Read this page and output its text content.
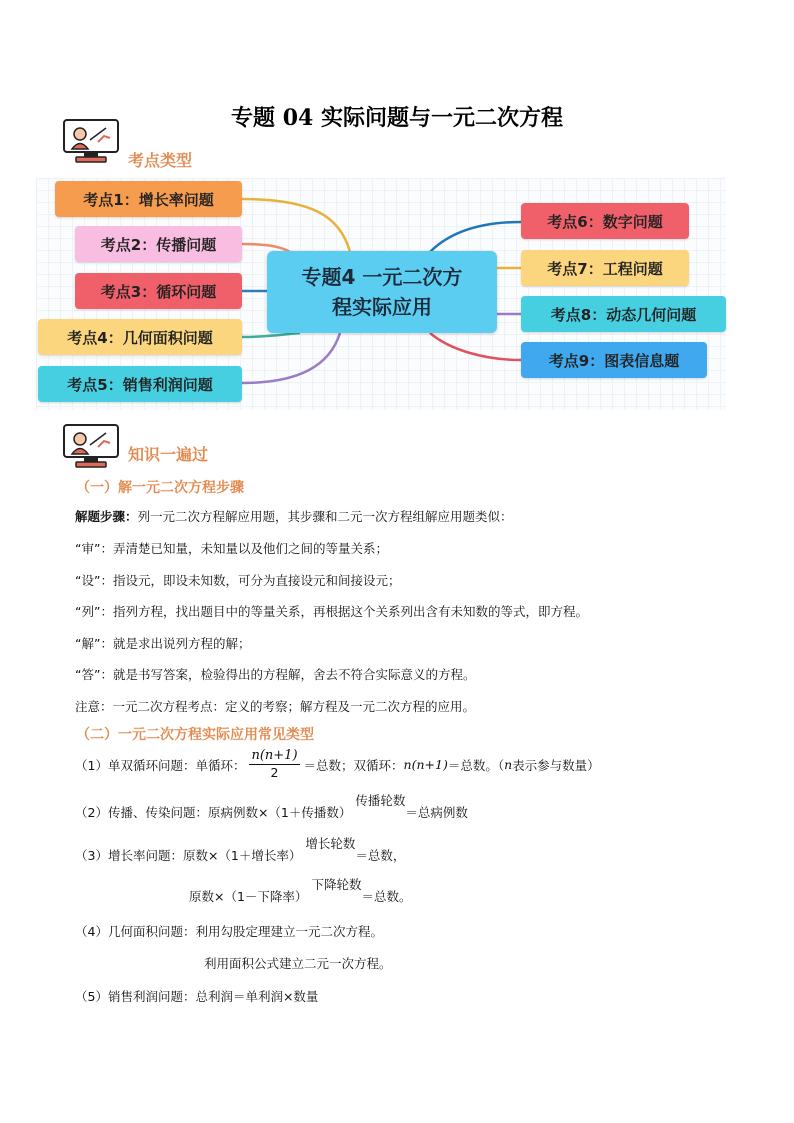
专题 04 实际问题与一元二次方程
考点类型
考点1：增长率问题
考点2：传播问题
考点3：循环问题
考点4：几何面积问题
考点5：销售利润问题
专题4 一元二次方
程实际应用
考点6：数字问题
考点7：工程问题
考点8：动态几何问题
考点9：图表信息题
知识一遍过
（一）解一元二次方程步骤
解题步骤：列一元二次方程解应用题，其步骤和二元一次方程组解应用题类似：
“审”：弄清楚已知量，未知量以及他们之间的等量关系；
“设”：指设元，即设未知数，可分为直接设元和间接设元；
“列”：指列方程，找出题目中的等量关系，再根据这个关系列出含有未知数的等式，即方程。
“解”：就是求出说列方程的解；
“答”：就是书写答案，检验得出的方程解，舍去不符合实际意义的方程。
注意：一元二次方程考点：定义的考察；解方程及一元二次方程的应用。
（二）一元二次方程实际应用常见类型
（1）单双循环问题：单循环： $\frac{n(n+1)}{2}$ ＝总数；双循环： n(n+1) ＝总数。（ n 表示参与数量）
（2）传播、传染问题：原病例数×（1＋传播数）传播轮数＝总病例数
（3）增长率问题：原数×（1＋增长率）增长轮数＝总数，
原数×（1－下降率）下降轮数＝总数。
（4）几何面积问题：利用勾股定理建立一元二次方程。
利用面积公式建立二元一次方程。
（5）销售利润问题：总利润＝单利润×数量
